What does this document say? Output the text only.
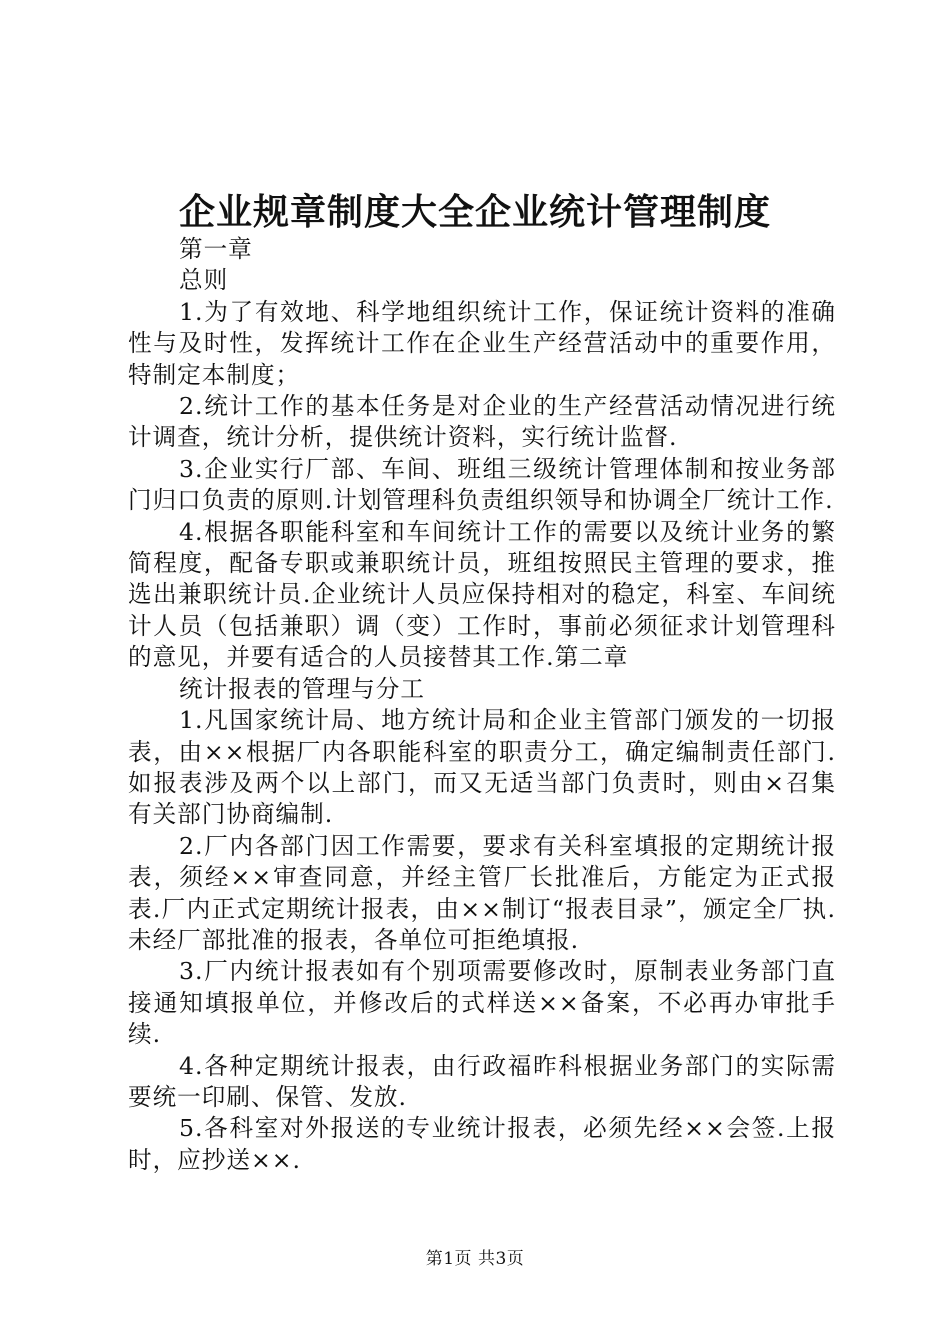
企业规章制度大全企业统计管理制度

第一章

总则

1.为了有效地、科学地组织统计工作，保证统计资料的准确性与及时性，发挥统计工作在企业生产经营活动中的重要作用，特制定本制度；

2.统计工作的基本任务是对企业的生产经营活动情况进行统计调查，统计分析，提供统计资料，实行统计监督.

3.企业实行厂部、车间、班组三级统计管理体制和按业务部门归口负责的原则.计划管理科负责组织领导和协调全厂统计工作.

4.根据各职能科室和车间统计工作的需要以及统计业务的繁简程度，配备专职或兼职统计员，班组按照民主管理的要求，推选出兼职统计员.企业统计人员应保持相对的稳定，科室、车间统计人员（包括兼职）调（变）工作时，事前必须征求计划管理科的意见，并要有适合的人员接替其工作.第二章

统计报表的管理与分工

1.凡国家统计局、地方统计局和企业主管部门颁发的一切报表，由××根据厂内各职能科室的职责分工，确定编制责任部门.如报表涉及两个以上部门，而又无适当部门负责时，则由×召集有关部门协商编制.

2.厂内各部门因工作需要，要求有关科室填报的定期统计报表，须经××审查同意，并经主管厂长批准后，方能定为正式报表.厂内正式定期统计报表，由××制订“报表目录”，颁定全厂执.未经厂部批准的报表，各单位可拒绝填报.

3.厂内统计报表如有个别项需要修改时，原制表业务部门直接通知填报单位，并修改后的式样送××备案，不必再办审批手续.

4.各种定期统计报表，由行政福昨科根据业务部门的实际需要统一印刷、保管、发放.

5.各科室对外报送的专业统计报表，必须先经××会签.上报时，应抄送××.

第1页 共3页
